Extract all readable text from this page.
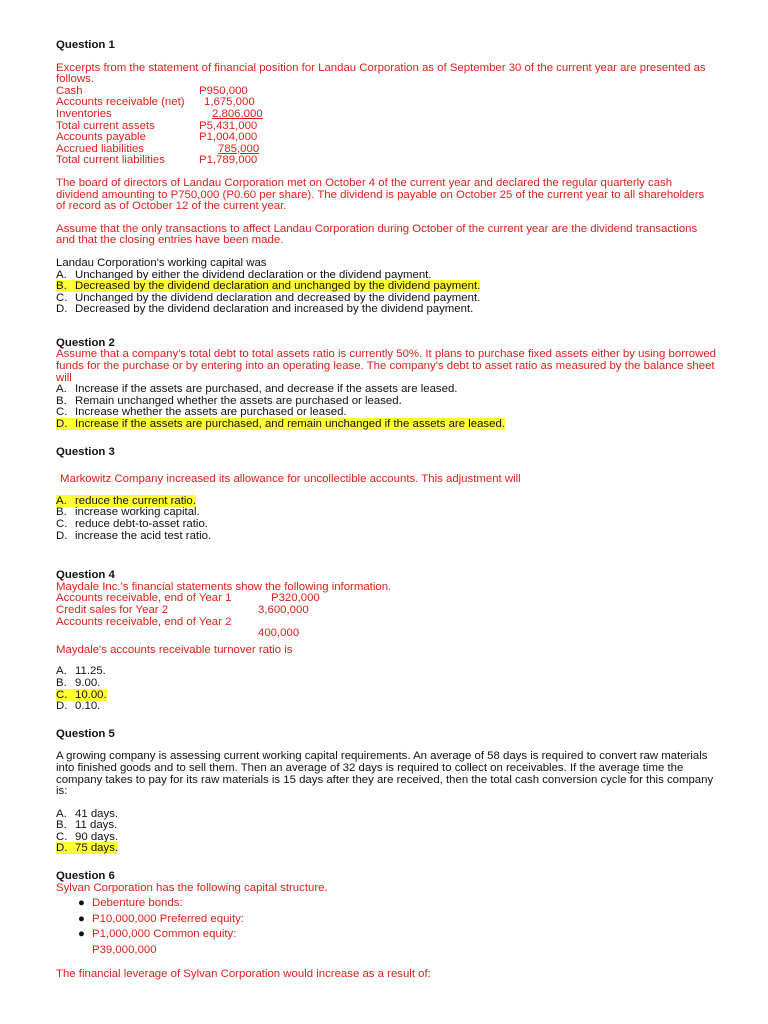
Question 1

Excerpts from the statement of financial position for Landau Corporation as of September 30 of the current year are presented as follows.

Cash	P950,000
Accounts receivable (net) 1,675,000
Inventories	2,806,000
Total current assets	P5,431,000
Accounts payable	P1,004,000
Accrued liabilities	785,000
Total current liabilities	P1,789,000

The board of directors of Landau Corporation met on October 4 of the current year and declared the regular quarterly cash dividend amounting to P750,000 (P0.60 per share). The dividend is payable on October 25 of the current year to all shareholders of record as of October 12 of the current year.

Assume that the only transactions to affect Landau Corporation during October of the current year are the dividend transactions and that the closing entries have been made.

Landau Corporation's working capital was

A. Unchanged by either the dividend declaration or the dividend payment.
B. Decreased by the dividend declaration and unchanged by the dividend payment.
C. Unchanged by the dividend declaration and decreased by the dividend payment.
D. Decreased by the dividend declaration and increased by the dividend payment.

Question 2

Assume that a company's total debt to total assets ratio is currently 50%. It plans to purchase fixed assets either by using borrowed funds for the purchase or by entering into an operating lease. The company's debt to asset ratio as measured by the balance sheet will

A. Increase if the assets are purchased, and decrease if the assets are leased.
B. Remain unchanged whether the assets are purchased or leased.
C. Increase whether the assets are purchased or leased.
D. Increase if the assets are purchased, and remain unchanged if the assets are leased.

Question 3

Markowitz Company increased its allowance for uncollectible accounts. This adjustment will

A. reduce the current ratio.
B. increase working capital.
C. reduce debt-to-asset ratio.
D. increase the acid test ratio.

Question 4

Maydale Inc.'s financial statements show the following information.

Accounts receivable, end of Year 1	P320,000
Credit sales for Year 2	3,600,000
Accounts receivable, end of Year 2
400,000

Maydale's accounts receivable turnover ratio is

A. 11.25.
B. 9.00.
C. 10.00.
D. 0.10.

Question 5

A growing company is assessing current working capital requirements. An average of 58 days is required to convert raw materials into finished goods and to sell them. Then an average of 32 days is required to collect on receivables. If the average time the company takes to pay for its raw materials is 15 days after they are received, then the total cash conversion cycle for this company is:

A. 41 days.
B. 11 days.
C. 90 days.
D. 75 days.

Question 6

Sylvan Corporation has the following capital structure.

● Debenture bonds:
● P10,000,000 Preferred equity:
● P1,000,000 Common equity:

P39,000,000

The financial leverage of Sylvan Corporation would increase as a result of:
